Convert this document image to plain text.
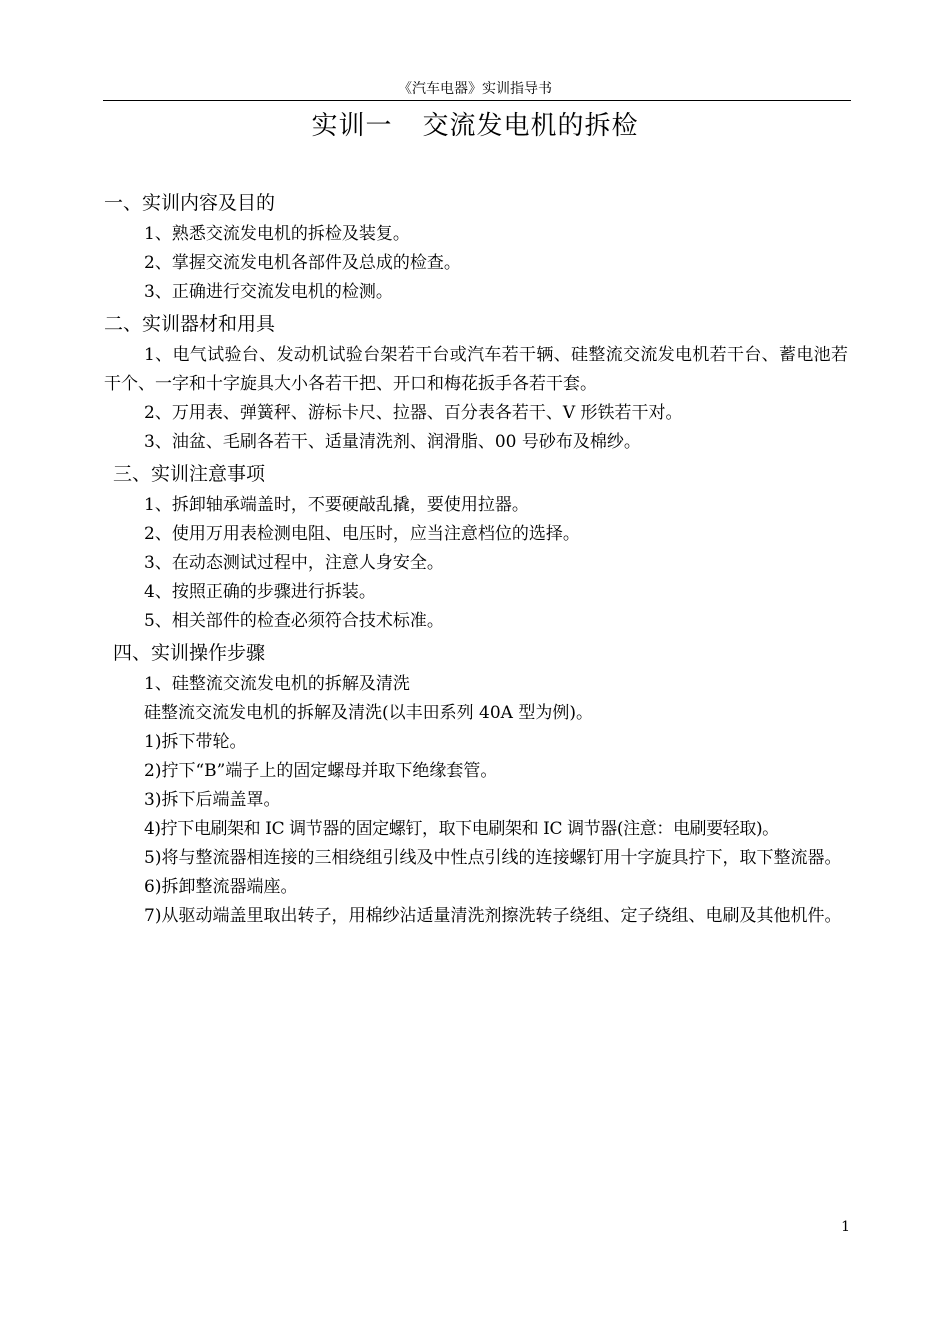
《汽车电器》实训指导书
实训一 交流发电机的拆检
一、实训内容及目的
1、熟悉交流发电机的拆检及装复。
2、掌握交流发电机各部件及总成的检查。
3、正确进行交流发电机的检测。
二、实训器材和用具
1、电气试验台、发动机试验台架若干台或汽车若干辆、硅整流交流发电机若干台、蓄电池若干个、一字和十字旋具大小各若干把、开口和梅花扳手各若干套。
2、万用表、弹簧秤、游标卡尺、拉器、百分表各若干、V 形铁若干对。
3、油盆、毛刷各若干、适量清洗剂、润滑脂、00 号砂布及棉纱。
三、实训注意事项
1、拆卸轴承端盖时，不要硬敲乱撬，要使用拉器。
2、使用万用表检测电阻、电压时，应当注意档位的选择。
3、在动态测试过程中，注意人身安全。
4、按照正确的步骤进行拆装。
5、相关部件的检查必须符合技术标准。
四、实训操作步骤
1、硅整流交流发电机的拆解及清洗
硅整流交流发电机的拆解及清洗(以丰田系列 40A 型为例)。
1)拆下带轮。
2)拧下“B”端子上的固定螺母并取下绝缘套管。
3)拆下后端盖罩。
4)拧下电刷架和 IC 调节器的固定螺钉，取下电刷架和 IC 调节器(注意：电刷要轻取)。
5)将与整流器相连接的三相绕组引线及中性点引线的连接螺钉用十字旋具拧下，取下整流器。
6)拆卸整流器端座。
7)从驱动端盖里取出转子，用棉纱沾适量清洗剂擦洗转子绕组、定子绕组、电刷及其他机件。
1
